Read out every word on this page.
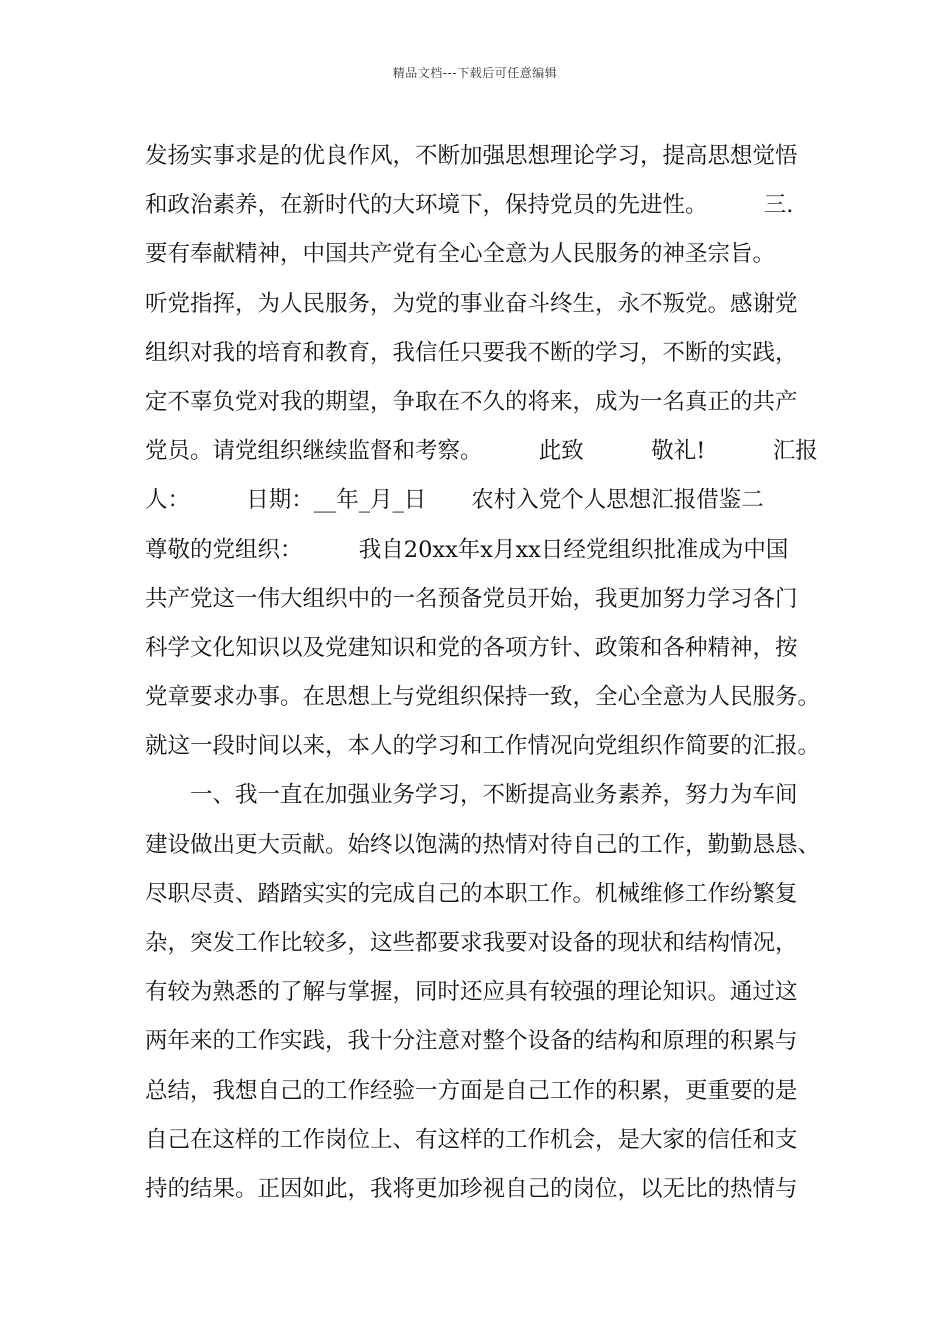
精品文档---下载后可任意编辑
发扬实事求是的优良作风，不断加强思想理论学习，提高思想觉悟
和政治素养，在新时代的大环境下，保持党员的先进性。　　　三.
要有奉献精神，中国共产党有全心全意为人民服务的神圣宗旨。
听党指挥，为人民服务，为党的事业奋斗终生，永不叛党。感谢党
组织对我的培育和教育，我信任只要我不断的学习，不断的实践，
定不辜负党对我的期望，争取在不久的将来，成为一名真正的共产
党员。请党组织继续监督和考察。　　　此致　　　敬礼!　　　汇报
人：　　　日期：__年_月_日　　农村入党个人思想汇报借鉴二
尊敬的党组织：　　　我自20xx年x月xx日经党组织批准成为中国
共产党这一伟大组织中的一名预备党员开始，我更加努力学习各门
科学文化知识以及党建知识和党的各项方针、政策和各种精神，按
党章要求办事。在思想上与党组织保持一致，全心全意为人民服务。
就这一段时间以来，本人的学习和工作情况向党组织作简要的汇报。
　　一、我一直在加强业务学习，不断提高业务素养，努力为车间
建设做出更大贡献。始终以饱满的热情对待自己的工作，勤勤恳恳、
尽职尽责、踏踏实实的完成自己的本职工作。机械维修工作纷繁复
杂，突发工作比较多，这些都要求我要对设备的现状和结构情况，
有较为熟悉的了解与掌握，同时还应具有较强的理论知识。通过这
两年来的工作实践，我十分注意对整个设备的结构和原理的积累与
总结，我想自己的工作经验一方面是自己工作的积累，更重要的是
自己在这样的工作岗位上、有这样的工作机会，是大家的信任和支
持的结果。正因如此，我将更加珍视自己的岗位，以无比的热情与
